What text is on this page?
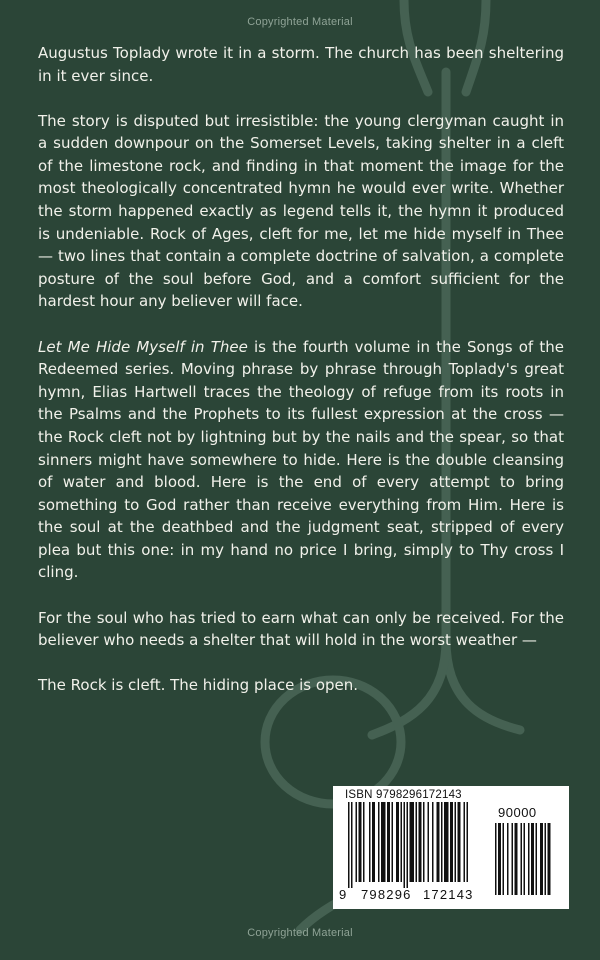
Copyrighted Material

Augustus Toplady wrote it in a storm. The church has been sheltering in it ever since.

The story is disputed but irresistible: the young clergyman caught in a sudden downpour on the Somerset Levels, taking shelter in a cleft of the limestone rock, and finding in that moment the image for the most theologically concentrated hymn he would ever write. Whether the storm happened exactly as legend tells it, the hymn it produced is undeniable. Rock of Ages, cleft for me, let me hide myself in Thee — two lines that contain a complete doctrine of salvation, a complete posture of the soul before God, and a comfort sufficient for the hardest hour any believer will face.

Let Me Hide Myself in Thee is the fourth volume in the Songs of the Redeemed series. Moving phrase by phrase through Toplady's great hymn, Elias Hartwell traces the theology of refuge from its roots in the Psalms and the Prophets to its fullest expression at the cross — the Rock cleft not by lightning but by the nails and the spear, so that sinners might have somewhere to hide. Here is the double cleansing of water and blood. Here is the end of every attempt to bring something to God rather than receive everything from Him. Here is the soul at the deathbed and the judgment seat, stripped of every plea but this one: in my hand no price I bring, simply to Thy cross I cling.

For the soul who has tried to earn what can only be received. For the believer who needs a shelter that will hold in the worst weather —

The Rock is cleft. The hiding place is open.

ISBN 9798296172143
90000
9 798296 172143
Copyrighted Material
